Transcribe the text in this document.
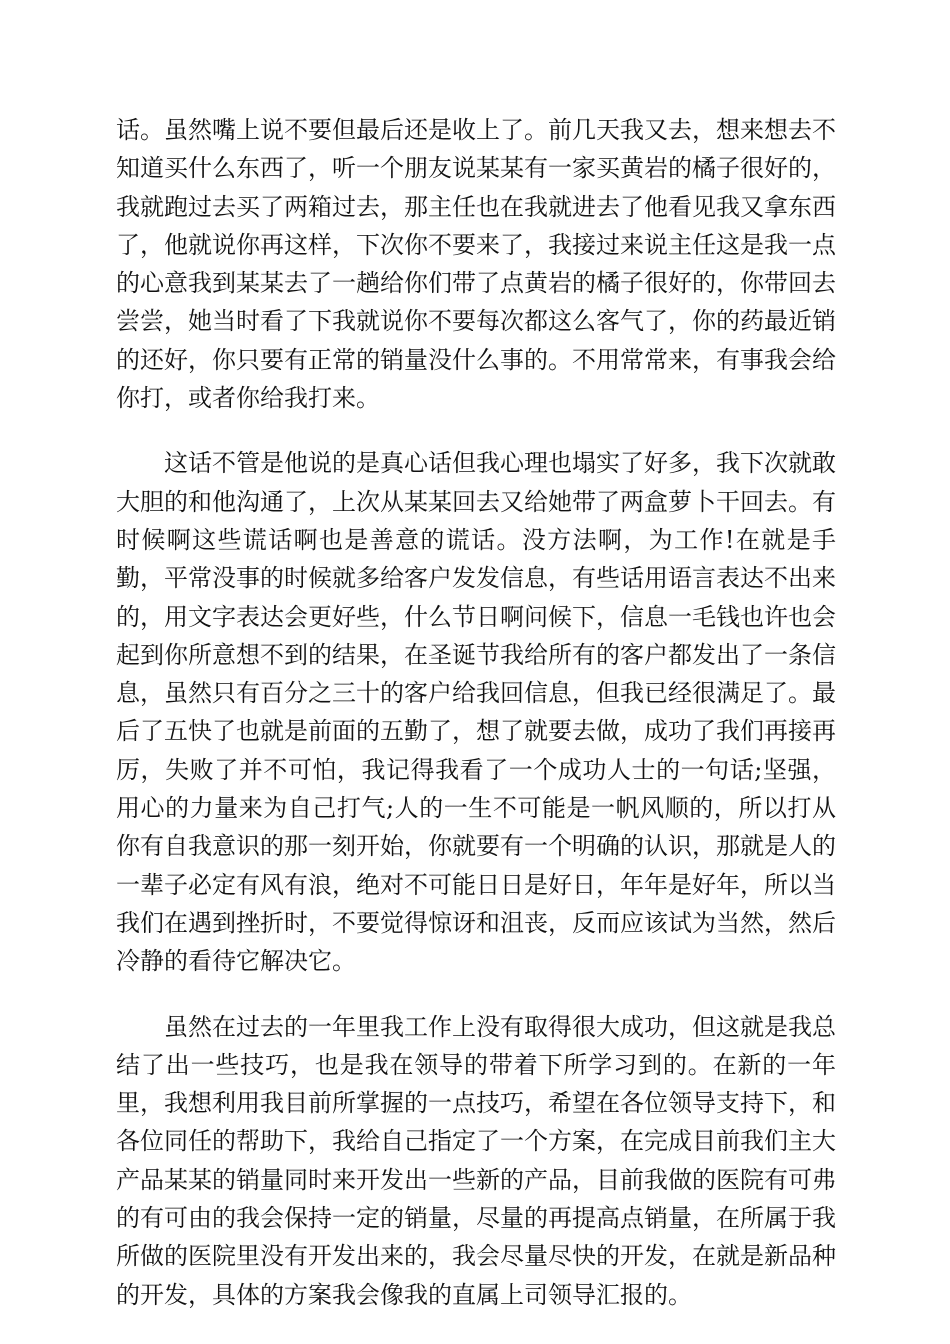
话。虽然嘴上说不要但最后还是收上了。前几天我又去，想来想去不知道买什么东西了，听一个朋友说某某有一家买黄岩的橘子很好的，我就跑过去买了两箱过去，那主任也在我就进去了他看见我又拿东西了，他就说你再这样，下次你不要来了，我接过来说主任这是我一点的心意我到某某去了一趟给你们带了点黄岩的橘子很好的，你带回去尝尝，她当时看了下我就说你不要每次都这么客气了，你的药最近销的还好，你只要有正常的销量没什么事的。不用常常来，有事我会给你打，或者你给我打来。

这话不管是他说的是真心话但我心理也塌实了好多，我下次就敢大胆的和他沟通了，上次从某某回去又给她带了两盒萝卜干回去。有时候啊这些谎话啊也是善意的谎话。没方法啊，为工作!在就是手勤，平常没事的时候就多给客户发发信息，有些话用语言表达不出来的，用文字表达会更好些，什么节日啊问候下，信息一毛钱也许也会起到你所意想不到的结果，在圣诞节我给所有的客户都发出了一条信息，虽然只有百分之三十的客户给我回信息，但我已经很满足了。最后了五快了也就是前面的五勤了，想了就要去做，成功了我们再接再厉，失败了并不可怕，我记得我看了一个成功人士的一句话;坚强，用心的力量来为自己打气;人的一生不可能是一帆风顺的，所以打从你有自我意识的那一刻开始，你就要有一个明确的认识，那就是人的一辈子必定有风有浪，绝对不可能日日是好日，年年是好年，所以当我们在遇到挫折时，不要觉得惊讶和沮丧，反而应该试为当然，然后冷静的看待它解决它。

虽然在过去的一年里我工作上没有取得很大成功，但这就是我总结了出一些技巧，也是我在领导的带着下所学习到的。在新的一年里，我想利用我目前所掌握的一点技巧，希望在各位领导支持下，和各位同任的帮助下，我给自己指定了一个方案，在完成目前我们主大产品某某的销量同时来开发出一些新的产品，目前我做的医院有可弗的有可由的我会保持一定的销量，尽量的再提高点销量，在所属于我所做的医院里没有开发出来的，我会尽量尽快的开发，在就是新品种的开发，具体的方案我会像我的直属上司领导汇报的。
